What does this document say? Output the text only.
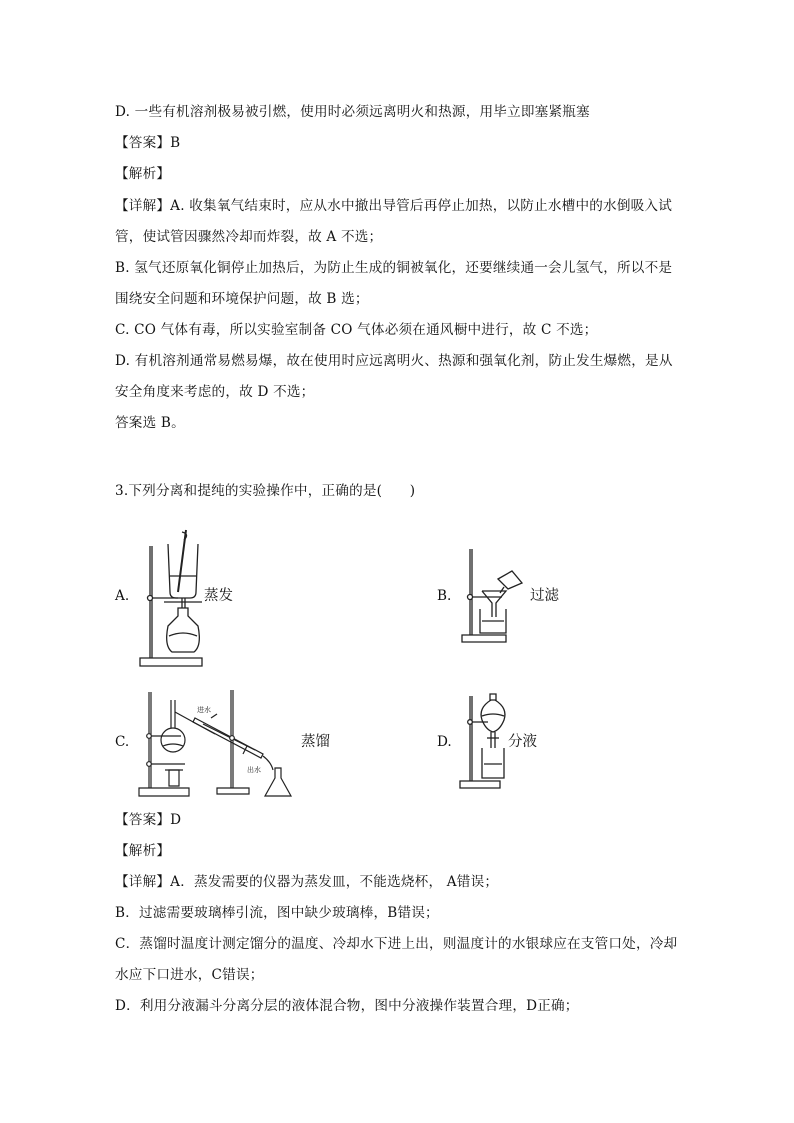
D. 一些有机溶剂极易被引燃，使用时必须远离明火和热源，用毕立即塞紧瓶塞
【答案】B
【解析】
【详解】A. 收集氧气结束时，应从水中撤出导管后再停止加热，以防止水槽中的水倒吸入试
管，使试管因骤然冷却而炸裂，故 A 不选；
B. 氢气还原氧化铜停止加热后，为防止生成的铜被氧化，还要继续通一会儿氢气，所以不是
围绕安全问题和环境保护问题，故 B 选；
C. CO 气体有毒，所以实验室制备 CO 气体必须在通风橱中进行，故 C 不选；
D. 有机溶剂通常易燃易爆，故在使用时应远离明火、热源和强氧化剂，防止发生爆燃，是从
安全角度来考虑的，故 D 不选；
答案选 B。
3.下列分离和提纯的实验操作中，正确的是(　　)
A.	蒸发	B.	过滤
C.
进水
出水
蒸馏	D.	分液
【答案】D
【解析】
【详解】A．蒸发需要的仪器为蒸发皿，不能选烧杯， A错误；
B．过滤需要玻璃棒引流，图中缺少玻璃棒，B错误；
C．蒸馏时温度计测定馏分的温度、冷却水下进上出，则温度计的水银球应在支管口处，冷却
水应下口进水，C错误；
D．利用分液漏斗分离分层的液体混合物，图中分液操作装置合理，D正确；
